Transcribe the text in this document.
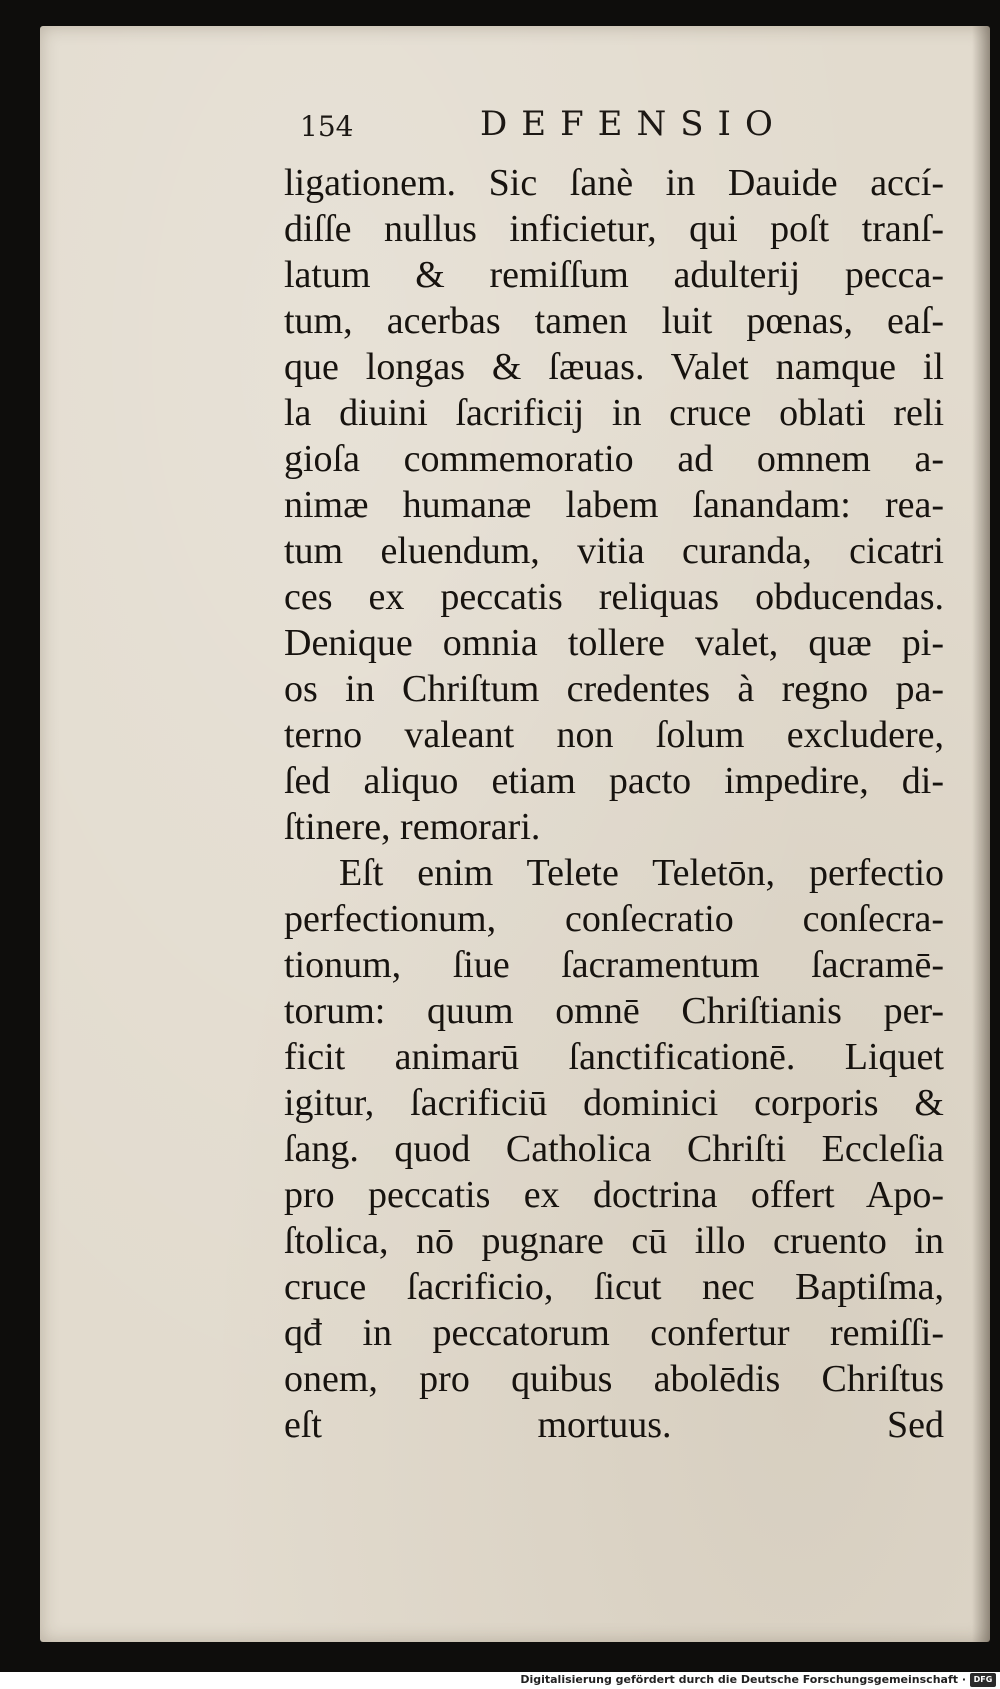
154	DEFENSIO
ligationem. Sic ſanè in Dauide accí-
diſſe nullus inficietur, qui poſt tranſ-
latum & remiſſum adulterij pecca-
tum, acerbas tamen luit pœnas, eaſ-
que longas & ſæuas. Valet namque il
la diuini ſacrificij in cruce oblati reli
gioſa commemoratio ad omnem a-
nimæ humanæ labem ſanandam: rea-
tum eluendum, vitia curanda, cicatri
ces ex peccatis reliquas obducendas.
Denique omnia tollere valet, quæ pi-
os in Chriſtum credentes à regno pa-
terno valeant non ſolum excludere,
ſed aliquo etiam pacto impedire, di-
ſtinere, remorari.
Eſt enim Telete Teletōn, perfectio
perfectionum, conſecratio conſecra-
tionum, ſiue ſacramentum ſacramē-
torum: quum omnē Chriſtianis per-
ficit animarū ſanctificationē. Liquet
igitur, ſacrificiū dominici corporis &
ſang. quod Catholica Chriſti Eccleſia
pro peccatis ex doctrina offert Apo-
ſtolica, nō pugnare cū illo cruento in
cruce ſacrificio, ſicut nec Baptiſma,
qđ in peccatorum confertur remiſſi-
onem, pro quibus abolēdis Chriſtus
eſt mortuus. Sed
Digitalisierung gefördert durch die Deutsche Forschungsgemeinschaft · DFG
